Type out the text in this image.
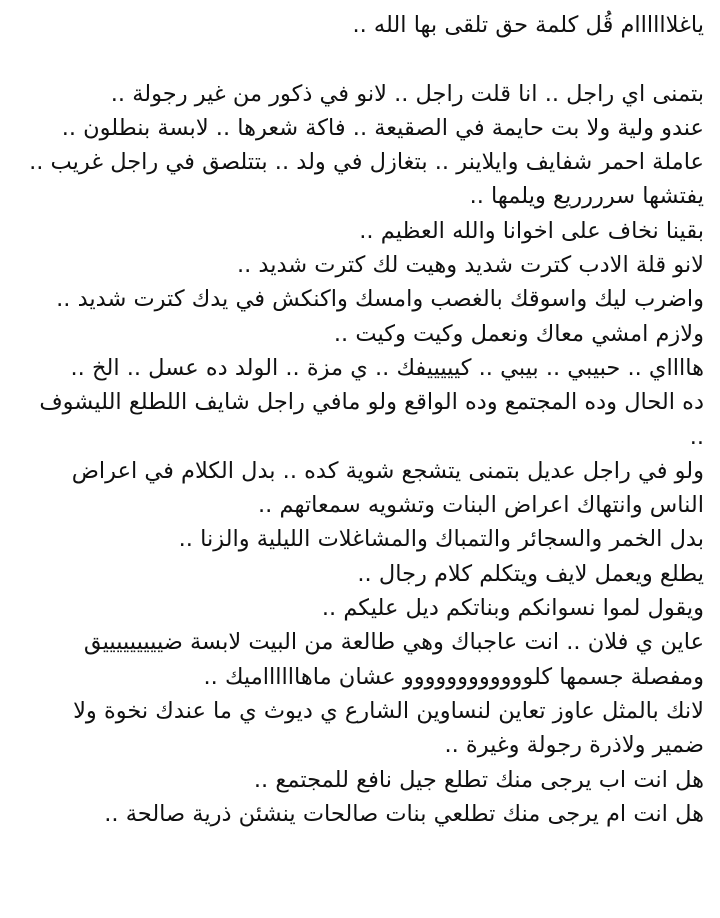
ياغلاااااام قُل كلمة حق تلقى بها الله ..
بتمنى اي راجل .. انا قلت راجل .. لانو في ذكور من غير رجولة ..
عندو ولية ولا بت حايمة في الصقيعة .. فاكة شعرها .. لابسة بنطلون ..
عاملة احمر شفايف وايلاينر .. بتغازل في ولد .. بتتلصق في راجل غريب ..
يفتشها سرررريع ويلمها ..
بقينا نخاف على اخوانا والله العظيم ..
لانو قلة الادب كترت شديد وهيت لك كترت شديد ..
واضرب ليك واسوقك بالغصب وامسك واكنكش في يدك كترت شديد ..
ولازم امشي معاك ونعمل وكيت وكيت ..
هااااي .. حبيبي .. بيبي .. كيييييفك .. ي مزة .. الولد ده عسل .. الخ ..
ده الحال وده المجتمع وده الواقع ولو مافي راجل شايف اللطلع الليشوف ..
ولو في راجل عديل بتمنى يتشجع شوية كده .. بدل الكلام في اعراض الناس وانتهاك اعراض البنات وتشويه سمعاتهم ..
بدل الخمر والسجائر والتمباك والمشاغلات الليلية والزنا ..
يطلع ويعمل لايف ويتكلم كلام رجال ..
ويقول لموا نسوانكم وبناتكم ديل عليكم ..
عاين ي فلان .. انت عاجباك وهي طالعة من البيت لابسة ضيييييييييق ومفصلة جسمها كلوووووووووووو عشان ماهااااااميك ..
لانك بالمثل عاوز تعاين لنساوين الشارع ي ديوث ي ما عندك نخوة ولا ضمير ولاذرة رجولة وغيرة ..
هل انت اب يرجى منك تطلع جيل نافع للمجتمع ..
هل انت ام يرجى منك تطلعي بنات صالحات ينشئن ذرية صالحة ..
